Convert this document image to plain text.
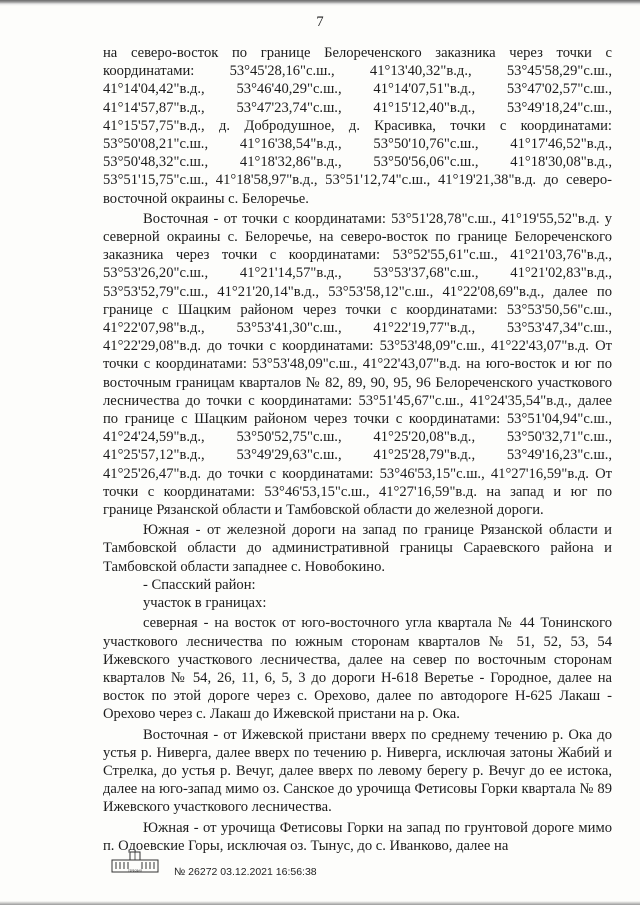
7

на северо-восток по границе Белореченского заказника через точки с координатами: 53°45'28,16"с.ш., 41°13'40,32"в.д., 53°45'58,29"с.ш., 41°14'04,42"в.д., 53°46'40,29"с.ш., 41°14'07,51"в.д., 53°47'02,57"с.ш., 41°14'57,87"в.д., 53°47'23,74"с.ш., 41°15'12,40"в.д., 53°49'18,24"с.ш., 41°15'57,75"в.д., д. Добродушное, д. Красивка, точки с координатами: 53°50'08,21"с.ш., 41°16'38,54"в.д., 53°50'10,76"с.ш., 41°17'46,52"в.д., 53°50'48,32"с.ш., 41°18'32,86"в.д., 53°50'56,06"с.ш., 41°18'30,08"в.д., 53°51'15,75"с.ш., 41°18'58,97"в.д., 53°51'12,74"с.ш., 41°19'21,38"в.д. до северо-восточной окраины с. Белоречье.

Восточная - от точки с координатами: 53°51'28,78"с.ш., 41°19'55,52"в.д. у северной окраины с. Белоречье, на северо-восток по границе Белореченского заказника через точки с координатами: 53°52'55,61"с.ш., 41°21'03,76"в.д., 53°53'26,20"с.ш., 41°21'14,57"в.д., 53°53'37,68"с.ш., 41°21'02,83"в.д., 53°53'52,79"с.ш., 41°21'20,14"в.д., 53°53'58,12"с.ш., 41°22'08,69"в.д., далее по границе с Шацким районом через точки с координатами: 53°53'50,56"с.ш., 41°22'07,98"в.д., 53°53'41,30"с.ш., 41°22'19,77"в.д., 53°53'47,34"с.ш., 41°22'29,08"в.д. до точки с координатами: 53°53'48,09"с.ш., 41°22'43,07"в.д. От точки с координатами: 53°53'48,09"с.ш., 41°22'43,07"в.д. на юго-восток и юг по восточным границам кварталов № 82, 89, 90, 95, 96 Белореченского участкового лесничества до точки с координатами: 53°51'45,67"с.ш., 41°24'35,54"в.д., далее по границе с Шацким районом через точки с координатами: 53°51'04,94"с.ш., 41°24'24,59"в.д., 53°50'52,75"с.ш., 41°25'20,08"в.д., 53°50'32,71"с.ш., 41°25'57,12"в.д., 53°49'29,63"с.ш., 41°25'28,79"в.д., 53°49'16,23"с.ш., 41°25'26,47"в.д. до точки с координатами: 53°46'53,15"с.ш., 41°27'16,59"в.д. От точки с координатами: 53°46'53,15"с.ш., 41°27'16,59"в.д. на запад и юг по границе Рязанской области и Тамбовской области до железной дороги.

Южная - от железной дороги на запад по границе Рязанской области и Тамбовской области до административной границы Сараевского района и Тамбовской области западнее с. Новобокино.

- Спасский район:

участок в границах:

северная - на восток от юго-восточного угла квартала № 44 Тонинского участкового лесничества по южным сторонам кварталов № 51, 52, 53, 54 Ижевского участкового лесничества, далее на север по восточным сторонам кварталов № 54, 26, 11, 6, 5, 3 до дороги Н-618 Веретье - Городное, далее на восток по этой дороге через с. Орехово, далее по автодороге Н-625 Лакаш - Орехово через с. Лакаш до Ижевской пристани на р. Ока.

Восточная - от Ижевской пристани вверх по среднему течению р. Ока до устья р. Ниверга, далее вверх по течению р. Ниверга, исключая затоны Жабий и Стрелка, до устья р. Вечуг, далее вверх по левому берегу р. Вечуг до ее истока, далее на юго-запад мимо оз. Санское до урочища Фетисовы Горки квартала № 89 Ижевского участкового лесничества.

Южная - от урочища Фетисовы Горки на запад по грунтовой дороге мимо п. Одоевские Горы, исключая оз. Тынус, до с. Иванково, далее на

ГЕРБОВАЯ	№ 26272 03.12.2021 16:56:38
